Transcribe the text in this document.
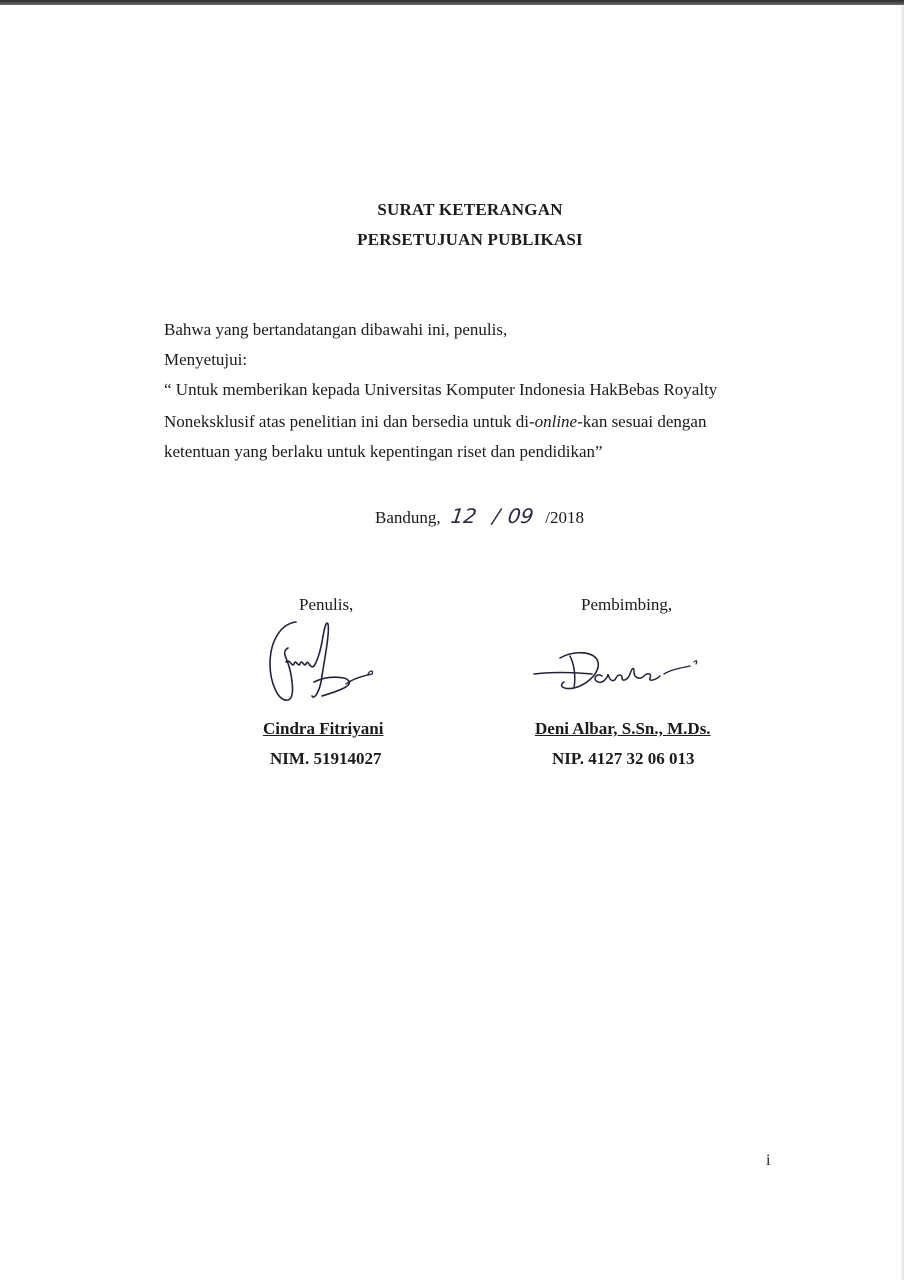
SURAT KETERANGAN
PERSETUJUAN PUBLIKASI
Bahwa yang bertandatangan dibawahi ini, penulis,
Menyetujui:
“ Untuk memberikan kepada Universitas Komputer Indonesia HakBebas Royalty
Noneksklusif atas penelitian ini dan bersedia untuk di-online-kan sesuai dengan
ketentuan yang berlaku untuk kepentingan riset dan pendidikan”
Bandung, 12 / 09 /2018
Penulis,
Cindra Fitriyani
NIM. 51914027
Pembimbing,
Deni Albar, S.Sn., M.Ds.
NIP. 4127 32 06 013
i
